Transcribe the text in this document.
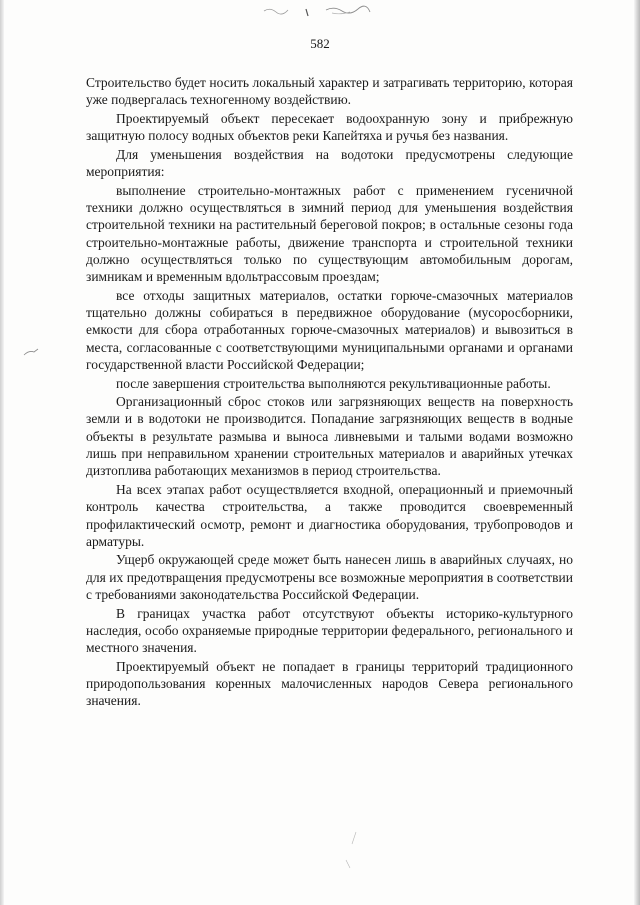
582

Строительство будет носить локальный характер и затрагивать территорию, которая уже подвергалась техногенному воздействию.

Проектируемый объект пересекает водоохранную зону и прибрежную защитную полосу водных объектов реки Капейтяха и ручья без названия.

Для уменьшения воздействия на водотоки предусмотрены следующие мероприятия:

выполнение строительно-монтажных работ с применением гусеничной техники должно осуществляться в зимний период для уменьшения воздействия строительной техники на растительный береговой покров; в остальные сезоны года строительно-монтажные работы, движение транспорта и строительной техники должно осуществляться только по существующим автомобильным дорогам, зимникам и временным вдольтрассовым проездам;

все отходы защитных материалов, остатки горюче-смазочных материалов тщательно должны собираться в передвижное оборудование (мусоросборники, емкости для сбора отработанных горюче-смазочных материалов) и вывозиться в места, согласованные с соответствующими муниципальными органами и органами государственной власти Российской Федерации;

после завершения строительства выполняются рекультивационные работы.

Организационный сброс стоков или загрязняющих веществ на поверхность земли и в водотоки не производится. Попадание загрязняющих веществ в водные объекты в результате размыва и выноса ливневыми и талыми водами возможно лишь при неправильном хранении строительных материалов и аварийных утечках дизтоплива работающих механизмов в период строительства.

На всех этапах работ осуществляется входной, операционный и приемочный контроль качества строительства, а также проводится своевременный профилактический осмотр, ремонт и диагностика оборудования, трубопроводов и арматуры.

Ущерб окружающей среде может быть нанесен лишь в аварийных случаях, но для их предотвращения предусмотрены все возможные мероприятия в соответствии с требованиями законодательства Российской Федерации.

В границах участка работ отсутствуют объекты историко-культурного наследия, особо охраняемые природные территории федерального, регионального и местного значения.

Проектируемый объект не попадает в границы территорий традиционного природопользования коренных малочисленных народов Севера регионального значения.
